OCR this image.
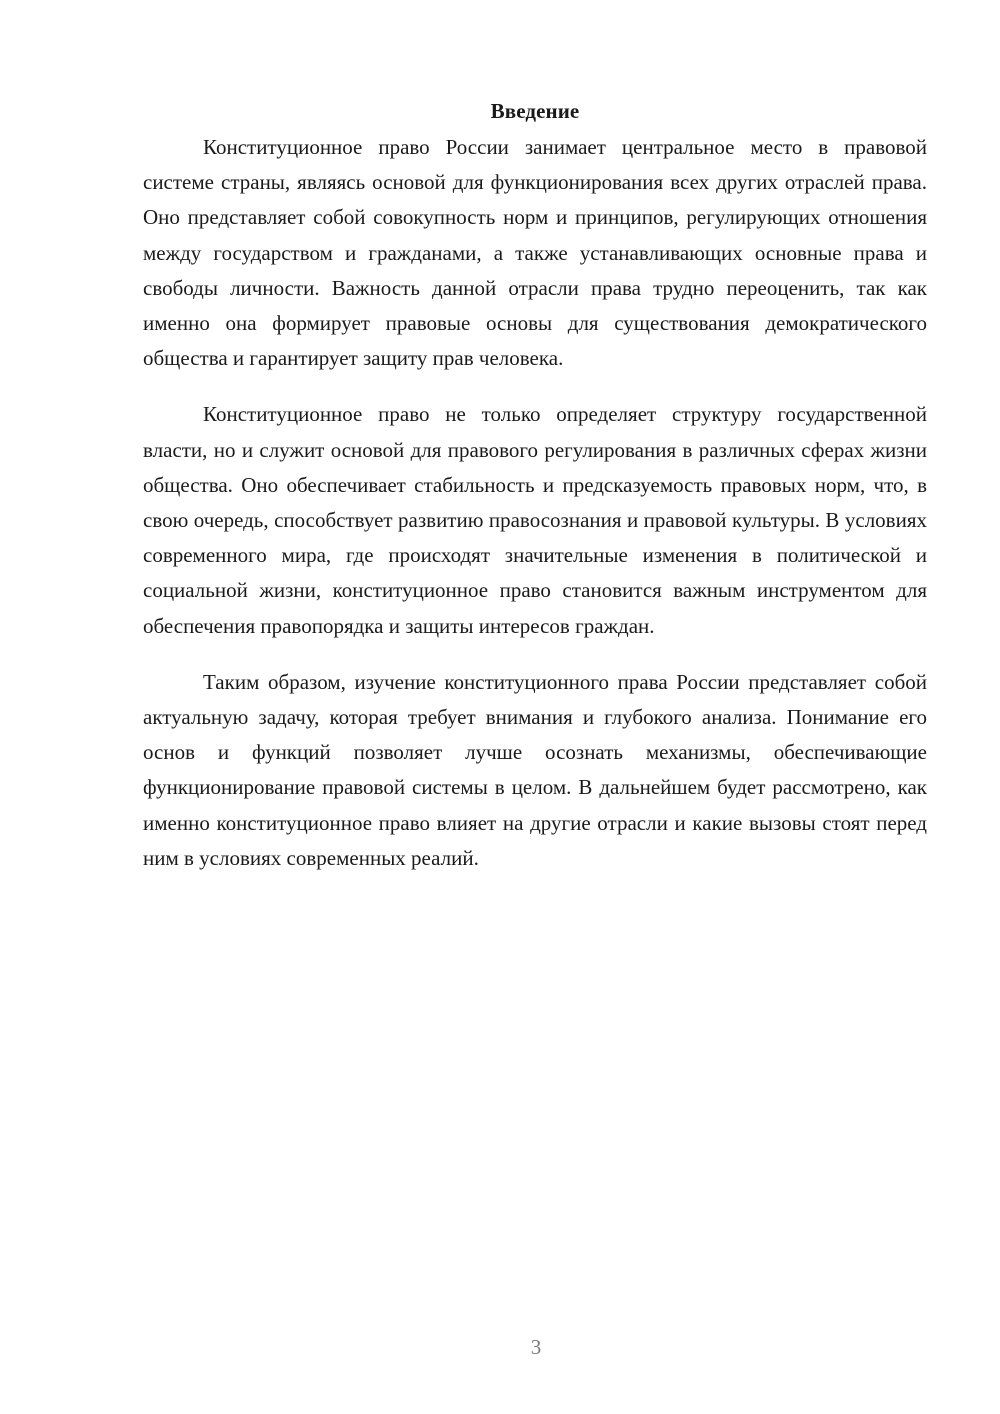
Введение

Конституционное право России занимает центральное место в правовой системе страны, являясь основой для функционирования всех других отраслей права. Оно представляет собой совокупность норм и принципов, регулирующих отношения между государством и гражданами, а также устанавливающих основные права и свободы личности. Важность данной отрасли права трудно переоценить, так как именно она формирует правовые основы для существования демократического общества и гарантирует защиту прав человека.

Конституционное право не только определяет структуру государственной власти, но и служит основой для правового регулирования в различных сферах жизни общества. Оно обеспечивает стабильность и предсказуемость правовых норм, что, в свою очередь, способствует развитию правосознания и правовой культуры. В условиях современного мира, где происходят значительные изменения в политической и социальной жизни, конституционное право становится важным инструментом для обеспечения правопорядка и защиты интересов граждан.

Таким образом, изучение конституционного права России представляет собой актуальную задачу, которая требует внимания и глубокого анализа. Понимание его основ и функций позволяет лучше осознать механизмы, обеспечивающие функционирование правовой системы в целом. В дальнейшем будет рассмотрено, как именно конституционное право влияет на другие отрасли и какие вызовы стоят перед ним в условиях современных реалий.

3
